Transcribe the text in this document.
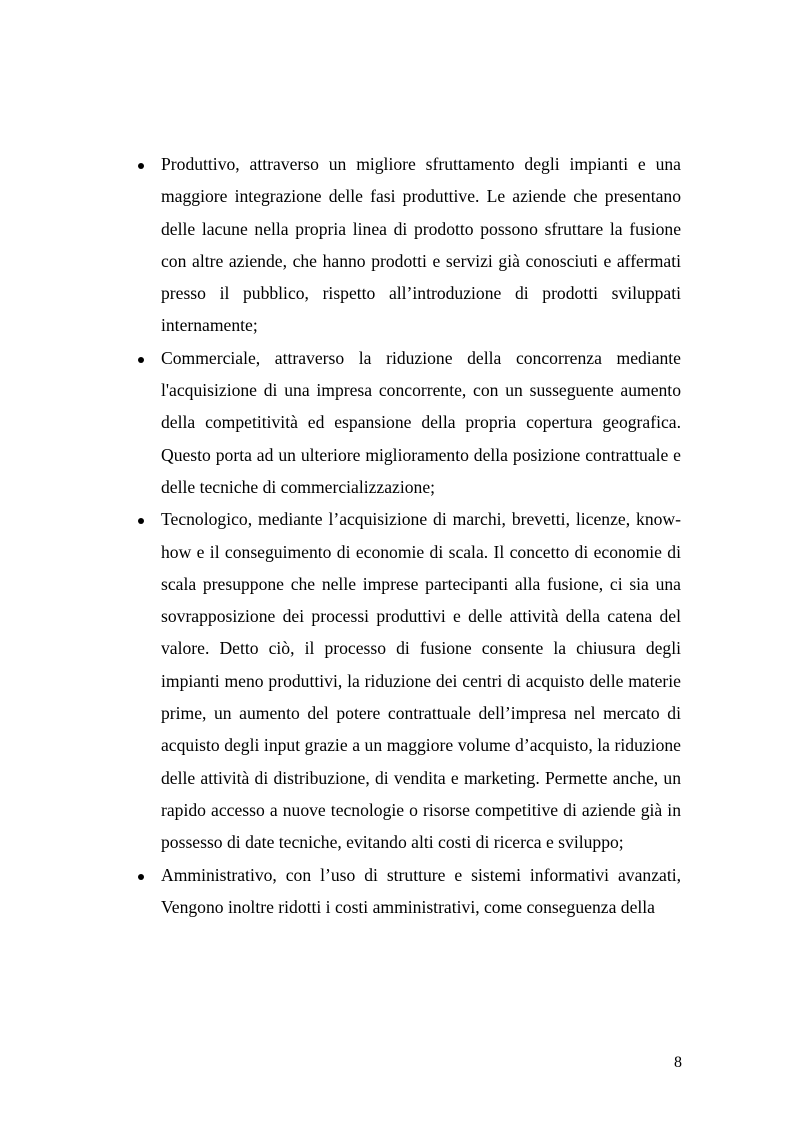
Produttivo, attraverso un migliore sfruttamento degli impianti e una maggiore integrazione delle fasi produttive. Le aziende che presentano delle lacune nella propria linea di prodotto possono sfruttare la fusione con altre aziende, che hanno prodotti e servizi già conosciuti e affermati presso il pubblico, rispetto all’introduzione di prodotti sviluppati internamente;
Commerciale, attraverso la riduzione della concorrenza mediante l'acquisizione di una impresa concorrente, con un susseguente aumento della competitività ed espansione della propria copertura geografica. Questo porta ad un ulteriore miglioramento della posizione contrattuale e delle tecniche di commercializzazione;
Tecnologico, mediante l’acquisizione di marchi, brevetti, licenze, know-how e il conseguimento di economie di scala. Il concetto di economie di scala presuppone che nelle imprese partecipanti alla fusione, ci sia una sovrapposizione dei processi produttivi e delle attività della catena del valore. Detto ciò, il processo di fusione consente la chiusura degli impianti meno produttivi, la riduzione dei centri di acquisto delle materie prime, un aumento del potere contrattuale dell’impresa nel mercato di acquisto degli input grazie a un maggiore volume d’acquisto, la riduzione delle attività di distribuzione, di vendita e marketing. Permette anche, un rapido accesso a nuove tecnologie o risorse competitive di aziende già in possesso di date tecniche, evitando alti costi di ricerca e sviluppo;
Amministrativo, con l’uso di strutture e sistemi informativi avanzati, Vengono inoltre ridotti i costi amministrativi, come conseguenza della
8
